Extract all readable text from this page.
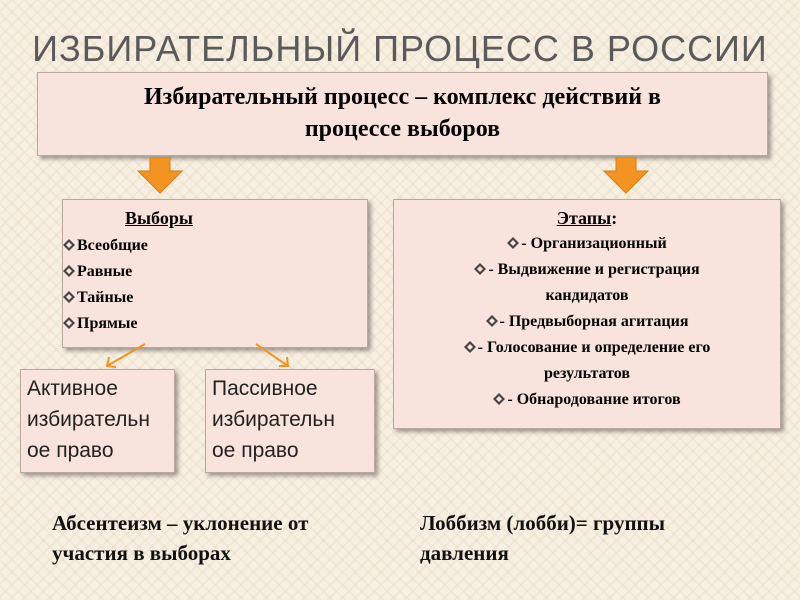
ИЗБИРАТЕЛЬНЫЙ ПРОЦЕСС В РОССИИ
Избирательный процесс – комплекс действий в
процессе выборов
Выборы
Всеобщие
Равные
Тайные
Прямые
Этапы:
- Организационный
- Выдвижение и регистрация
кандидатов
- Предвыборная агитация
- Голосование и определение его
результатов
- Обнародование итогов
Активное
избирательн
ое право
Пассивное
избирательн
ое право
Абсентеизм – уклонение от
участия в выборах
Лоббизм (лобби)= группы
давления
